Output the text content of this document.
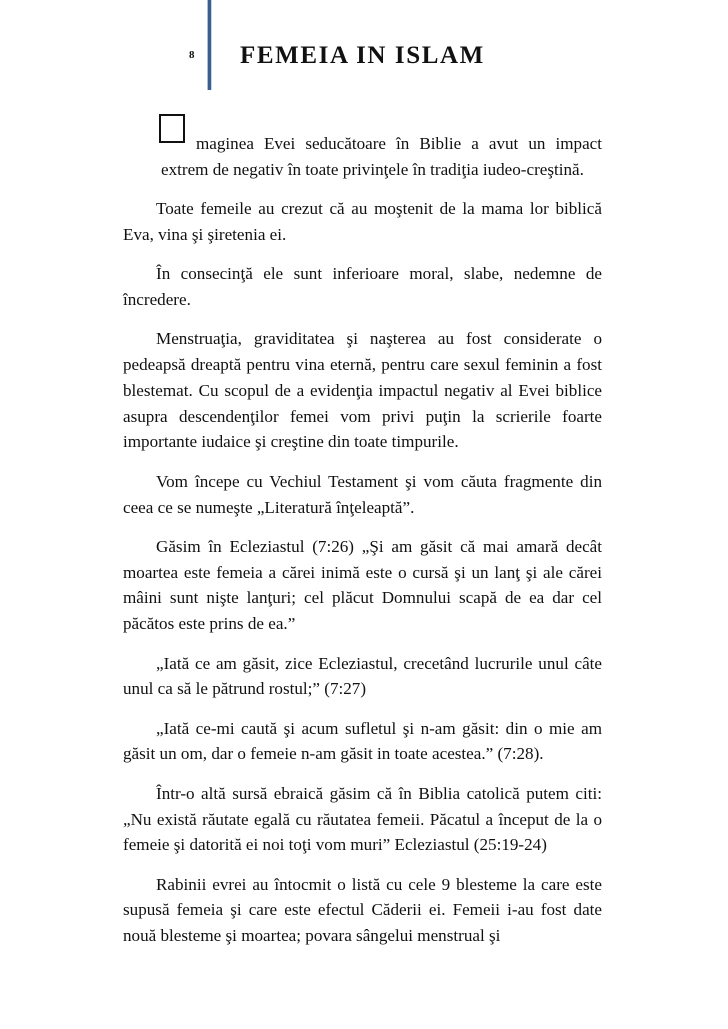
8 FEMEIA IN ISLAM

maginea Evei seducătoare în Biblie a avut un impact extrem de negativ în toate privinţele în tradiţia iudeo-creştină.

Toate femeile au crezut că au moştenit de la mama lor biblică Eva, vina şi şiretenia ei.

În consecinţă ele sunt inferioare moral, slabe, nedemne de încredere.

Menstruaţia, graviditatea şi naşterea au fost considerate o pedeapsă dreaptă pentru vina eternă, pentru care sexul feminin a fost blestemat. Cu scopul de a evidenţia impactul negativ al Evei biblice asupra descendenţilor femei vom privi puţin la scrierile foarte importante iudaice şi creştine din toate timpurile.

Vom începe cu Vechiul Testament şi vom căuta fragmente din ceea ce se numeşte „Literatură înţeleaptă”.

Găsim în Ecleziastul (7:26) „Şi am găsit că mai amară decât moartea este femeia a cărei inimă este o cursă şi un lanţ şi ale cărei mâini sunt nişte lanţuri; cel plăcut Domnului scapă de ea dar cel păcătos este prins de ea.”

„Iată ce am găsit, zice Ecleziastul, crecetând lucrurile unul câte unul ca să le pătrund rostul;” (7:27)

„Iată ce-mi caută şi acum sufletul şi n-am găsit: din o mie am găsit un om, dar o femeie n-am găsit in toate acestea.” (7:28).

Într-o altă sursă ebraică găsim că în Biblia catolică putem citi: „Nu există răutate egală cu răutatea femeii. Păcatul a început de la o femeie şi datorită ei noi toţi vom muri” Ecleziastul (25:19-24)

Rabinii evrei au întocmit o listă cu cele 9 blesteme la care este supusă femeia şi care este efectul Căderii ei. Femeii i-au fost date nouă blesteme şi moartea; povara sângelui menstrual şi
